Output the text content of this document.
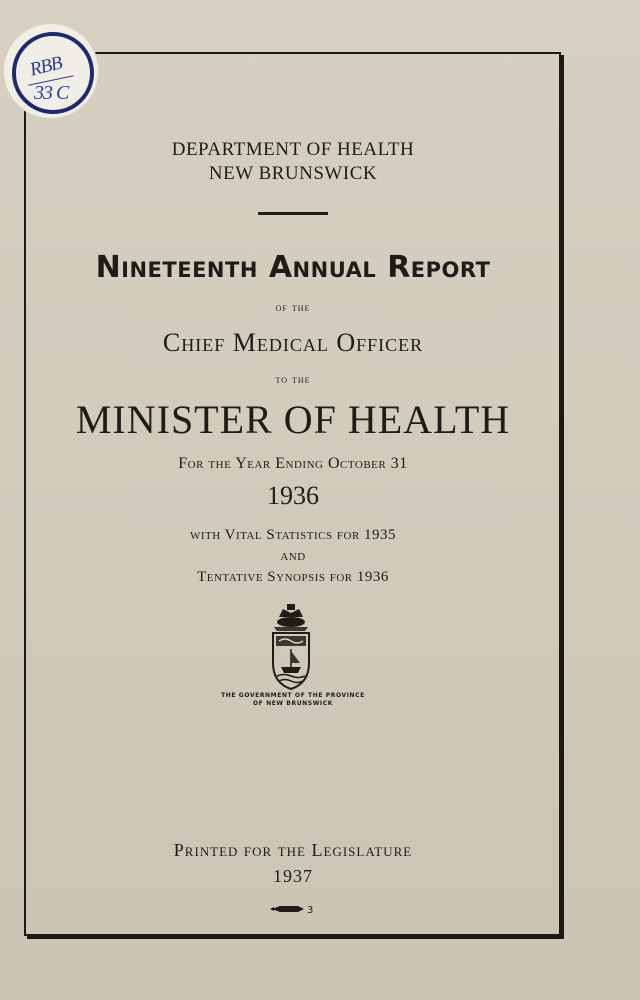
RBB
33 C
DEPARTMENT OF HEALTH
NEW BRUNSWICK
Nineteenth Annual Report
of the
Chief Medical Officer
to the
MINISTER OF HEALTH
For the Year Ending October 31
1936
with Vital Statistics for 1935
and
Tentative Synopsis for 1936
THE GOVERNMENT OF THE PROVINCE
OF NEW BRUNSWICK
Printed for the Legislature
1937
3
